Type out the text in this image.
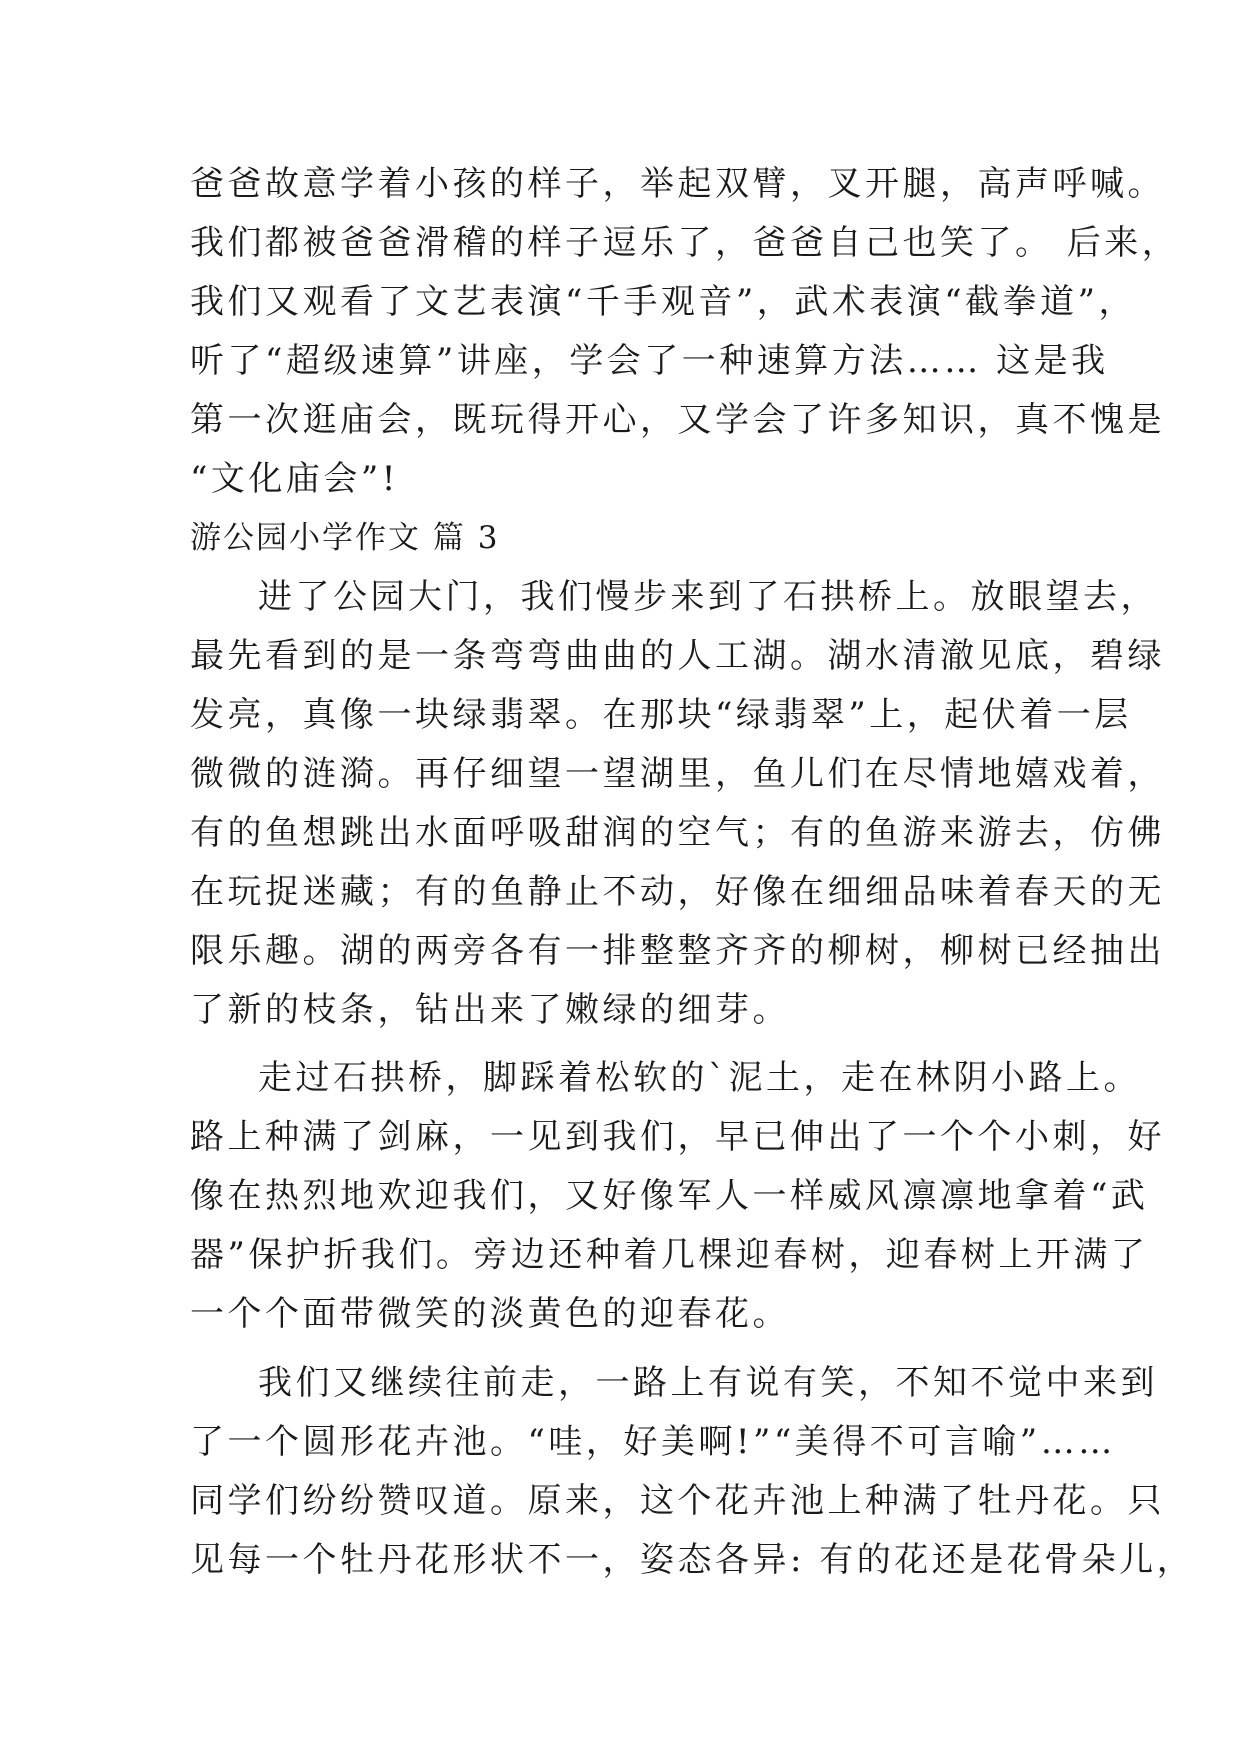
爸爸故意学着小孩的样子，举起双臂，叉开腿，高声呼喊。
我们都被爸爸滑稽的样子逗乐了，爸爸自己也笑了。 后来，
我们又观看了文艺表演“千手观音”，武术表演“截拳道”，
听了“超级速算”讲座，学会了一种速算方法…… 这是我
第一次逛庙会，既玩得开心，又学会了许多知识，真不愧是
“文化庙会”!
游公园小学作文 篇 3
进了公园大门，我们慢步来到了石拱桥上。放眼望去，
最先看到的是一条弯弯曲曲的人工湖。湖水清澈见底，碧绿
发亮，真像一块绿翡翠。在那块“绿翡翠”上，起伏着一层
微微的涟漪。再仔细望一望湖里，鱼儿们在尽情地嬉戏着，
有的鱼想跳出水面呼吸甜润的空气；有的鱼游来游去，仿佛
在玩捉迷藏；有的鱼静止不动，好像在细细品味着春天的无
限乐趣。湖的两旁各有一排整整齐齐的柳树，柳树已经抽出
了新的枝条，钻出来了嫩绿的细芽。
走过石拱桥，脚踩着松软的`泥土，走在林阴小路上。
路上种满了剑麻，一见到我们，早已伸出了一个个小刺，好
像在热烈地欢迎我们，又好像军人一样威风凛凛地拿着“武
器”保护折我们。旁边还种着几棵迎春树，迎春树上开满了
一个个面带微笑的淡黄色的迎春花。
我们又继续往前走，一路上有说有笑，不知不觉中来到
了一个圆形花卉池。“哇，好美啊!”“美得不可言喻”……
同学们纷纷赞叹道。原来，这个花卉池上种满了牡丹花。只
见每一个牡丹花形状不一，姿态各异: 有的花还是花骨朵儿，
